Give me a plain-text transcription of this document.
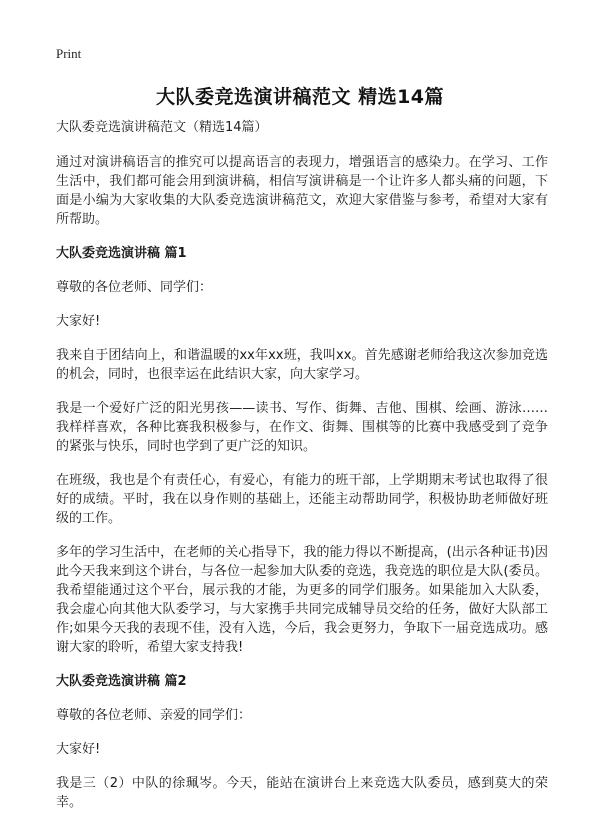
Print
大队委竞选演讲稿范文 精选14篇
大队委竞选演讲稿范文（精选14篇）
通过对演讲稿语言的推究可以提高语言的表现力，增强语言的感染力。在学习、工作生活中，我们都可能会用到演讲稿，相信写演讲稿是一个让许多人都头痛的问题，下面是小编为大家收集的大队委竞选演讲稿范文，欢迎大家借鉴与参考，希望对大家有所帮助。
大队委竞选演讲稿 篇1
尊敬的各位老师、同学们：
大家好!
我来自于团结向上，和谐温暖的xx年xx班，我叫xx。首先感谢老师给我这次参加竞选的机会，同时，也很幸运在此结识大家，向大家学习。
我是一个爱好广泛的阳光男孩——读书、写作、街舞、吉他、围棋、绘画、游泳……我样样喜欢，各种比赛我积极参与，在作文、街舞、围棋等的比赛中我感受到了竞争的紧张与快乐，同时也学到了更广泛的知识。
在班级，我也是个有责任心，有爱心，有能力的班干部，上学期期末考试也取得了很好的成绩。平时，我在以身作则的基础上，还能主动帮助同学，积极协助老师做好班级的工作。
多年的学习生活中，在老师的关心指导下，我的能力得以不断提高，(出示各种证书)因此今天我来到这个讲台，与各位一起参加大队委的竞选，我竞选的职位是大队(委员。我希望能通过这个平台，展示我的才能，为更多的同学们服务。如果能加入大队委，我会虚心向其他大队委学习，与大家携手共同完成辅导员交给的任务，做好大队部工作;如果今天我的表现不佳，没有入选，今后，我会更努力，争取下一届竞选成功。感谢大家的聆听，希望大家支持我!
大队委竞选演讲稿 篇2
尊敬的各位老师、亲爱的同学们：
大家好!
我是三（2）中队的徐珮岑。今天，能站在演讲台上来竞选大队委员，感到莫大的荣幸。
